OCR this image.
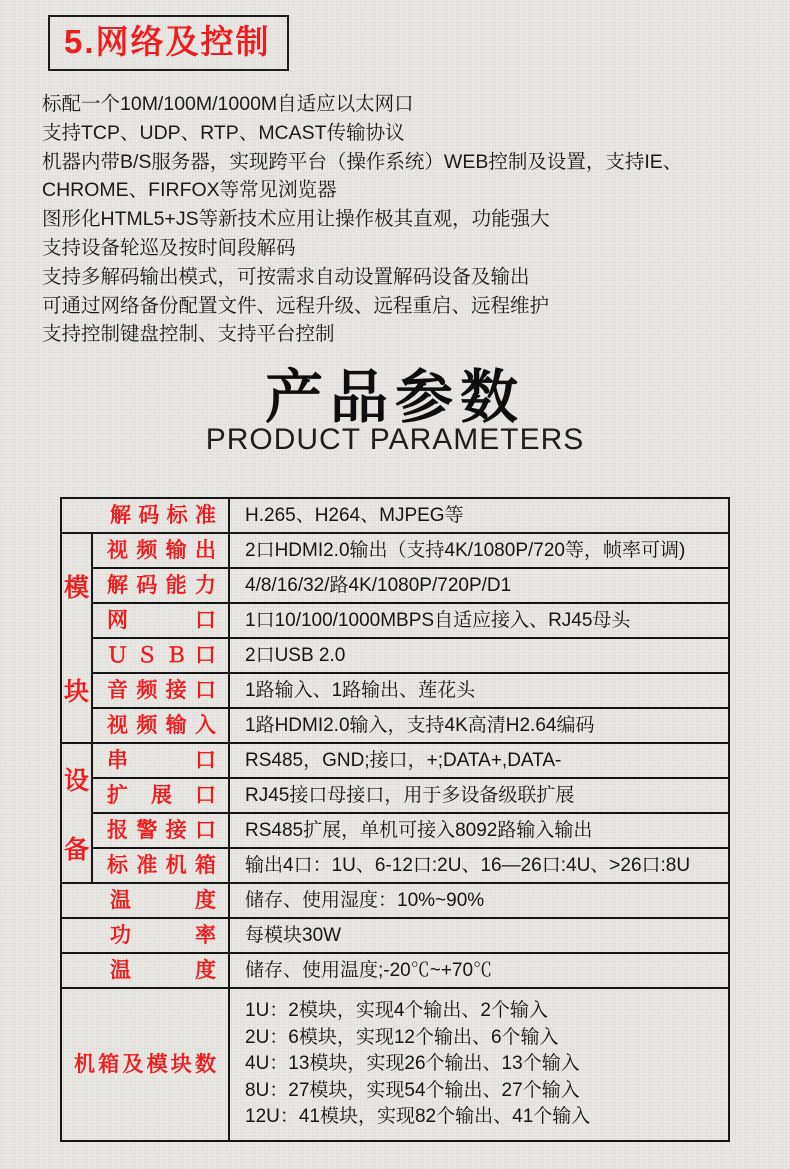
5.网络及控制
标配一个10M/100M/1000M自适应以太网口
支持TCP、UDP、RTP、MCAST传输协议
机器内带B/S服务器，实现跨平台（操作系统）WEB控制及设置，支持IE、CHROME、FIRFOX等常见浏览器
图形化HTML5+JS等新技术应用让操作极其直观，功能强大
支持设备轮巡及按时间段解码
支持多解码输出模式，可按需求自动设置解码设备及输出
可通过网络备份配置文件、远程升级、远程重启、远程维护
支持控制键盘控制、支持平台控制
产品参数
PRODUCT PARAMETERS
解码标准		H.265、H264、MJPEG等

模
块	视频输出	2口HDMI2.0输出（支持4K/1080P/720等，帧率可调)
	解码能力	4/8/16/32/路4K/1080P/720P/D1
	网口	1口10/100/1000MBPS自适应接入、RJ45母头
	ＵＳＢ口	2口USB 2.0
	音频接口	1路输入、1路输出、莲花头
	视频输入	1路HDMI2.0输入，支持4K高清H2.64编码

设
备	串口	RS485，GND;接口，+;DATA+,DATA-
	扩展口	RJ45接口母接口，用于多设备级联扩展
	报警接口	RS485扩展，单机可接入8092路输入输出
	标准机箱	输出4口：1U、6-12口:2U、16—26口:4U、>26口:8U
温度		储存、使用湿度：10%~90%
功率		每模块30W
温度		储存、使用温度;-20℃~+70℃
机箱及模块数		1U：2模块，实现4个输出、2个输入
2U：6模块，实现12个输出、6个输入
4U：13模块，实现26个输出、13个输入
8U：27模块，实现54个输出、27个输入
12U：41模块，实现82个输出、41个输入
